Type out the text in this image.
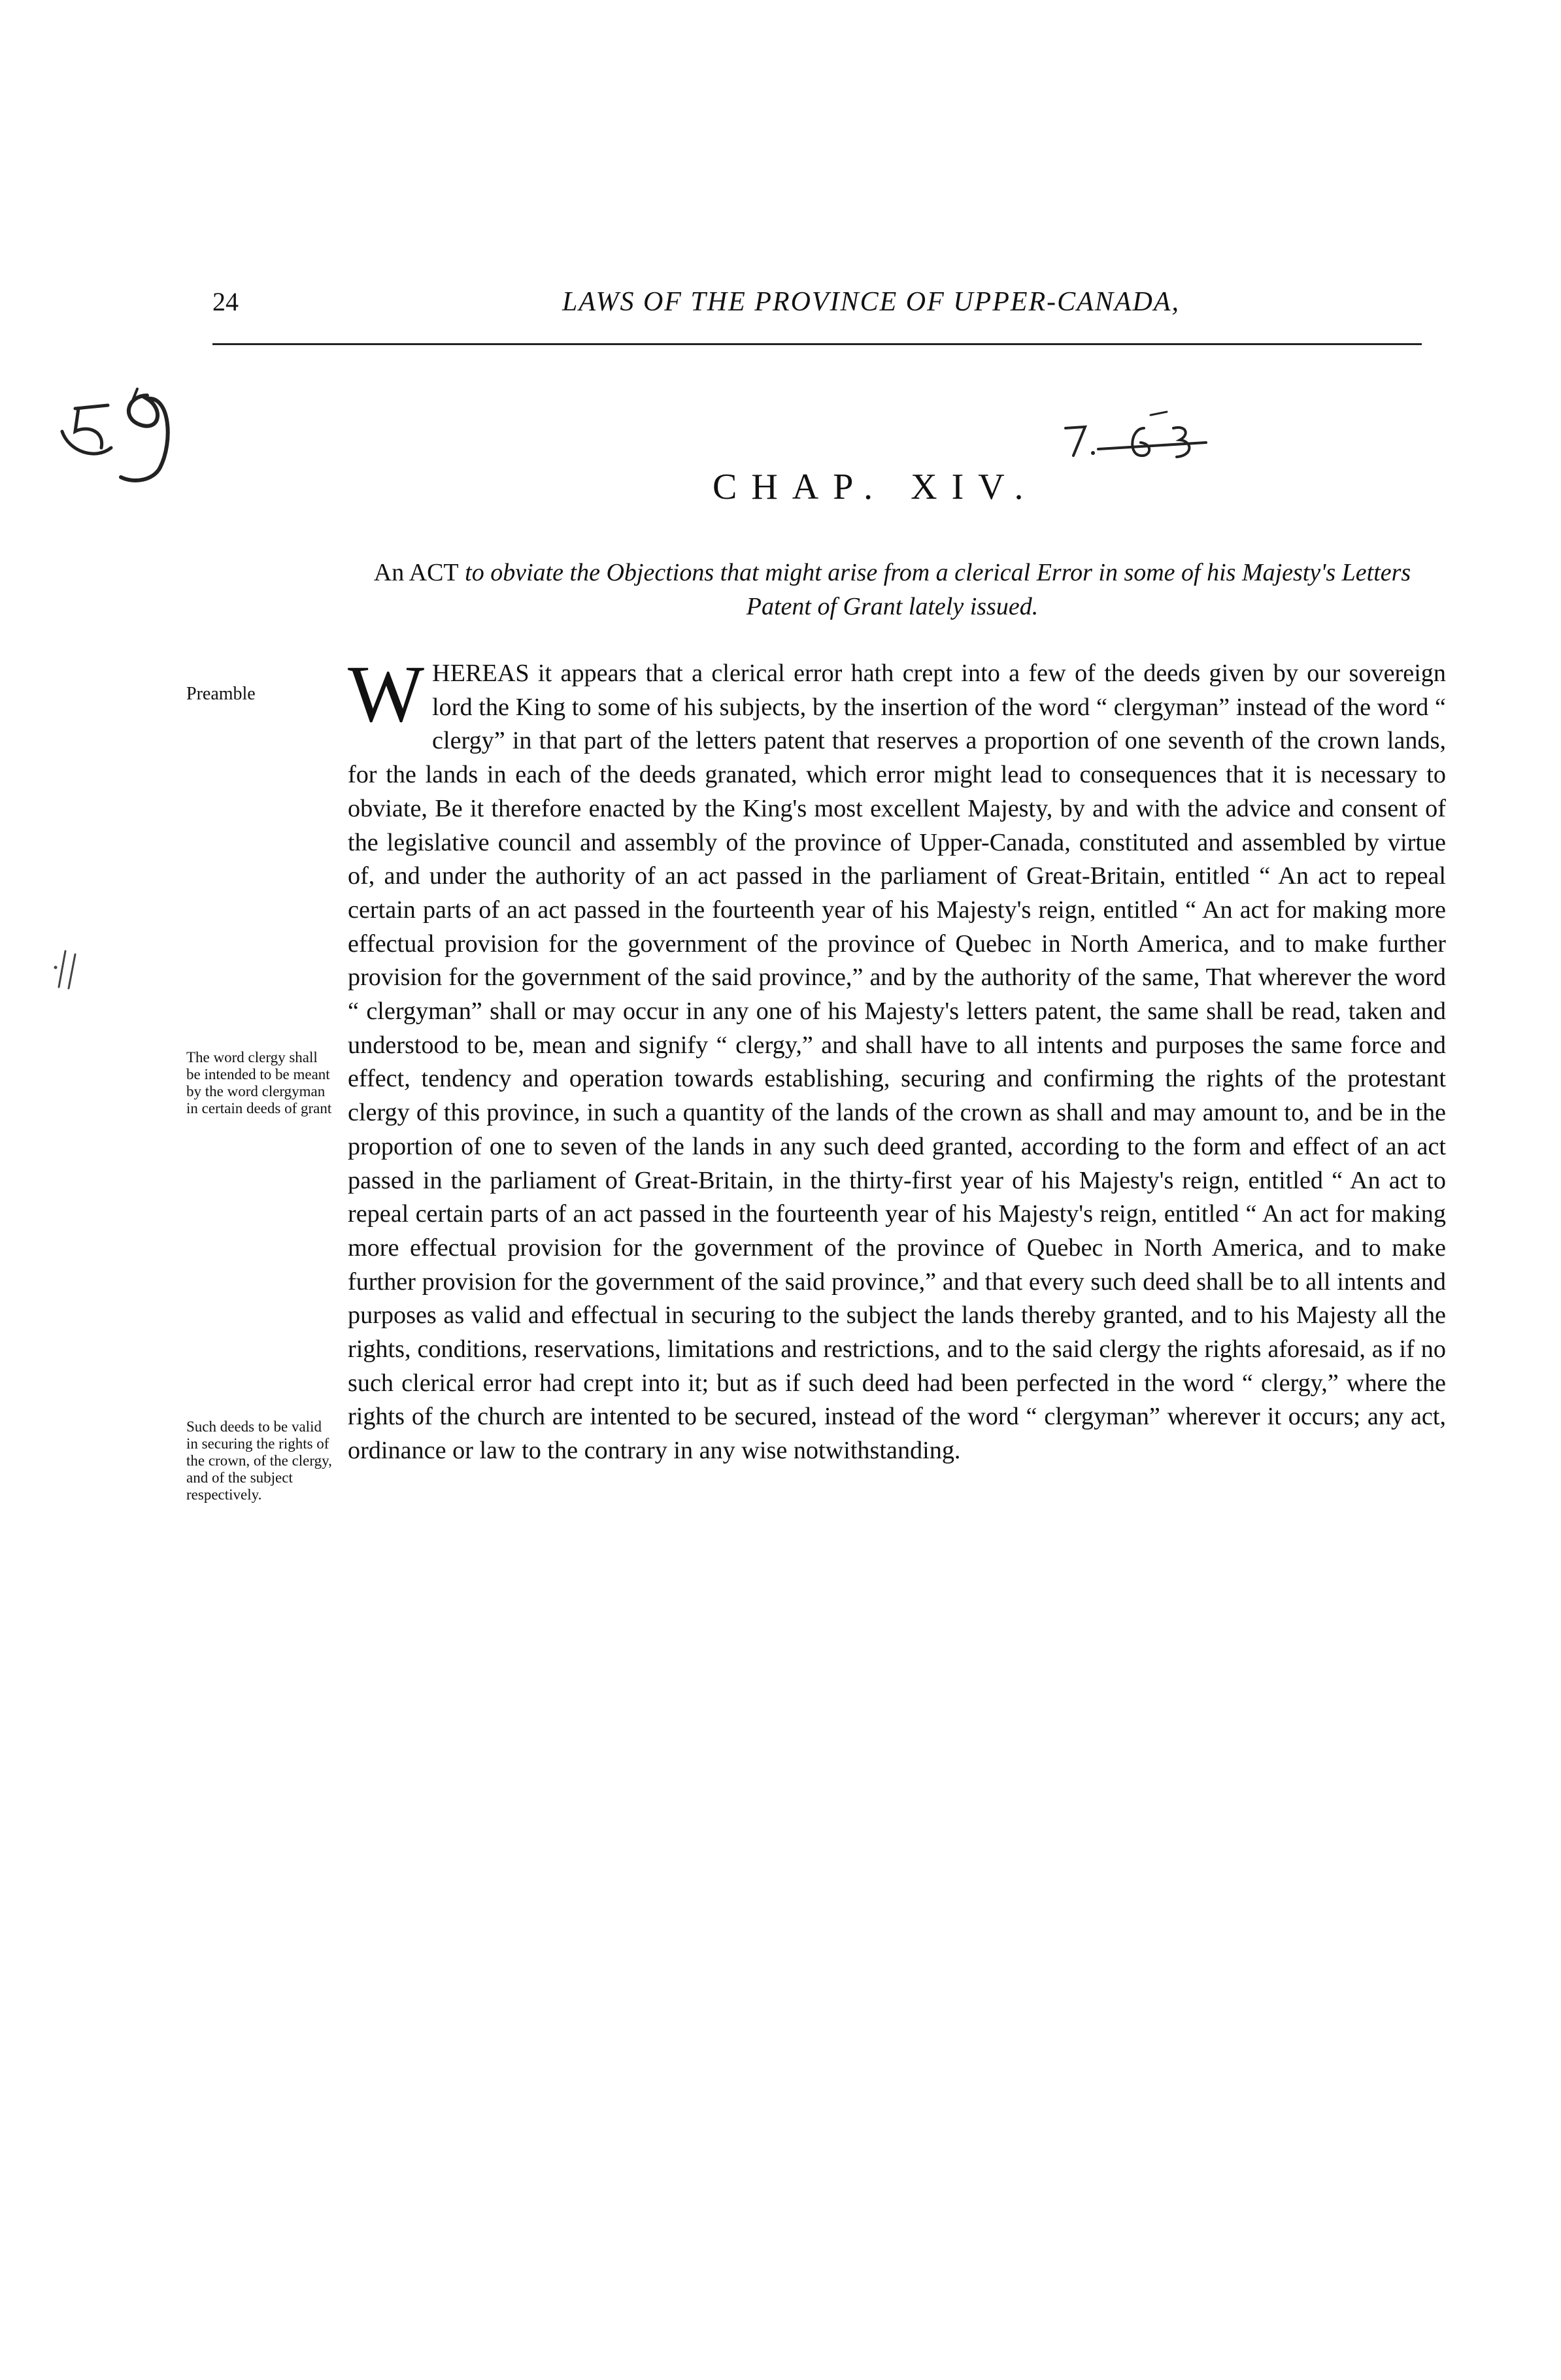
24	LAWS OF THE PROVINCE OF UPPER-CANADA,
CHAP. XIV.
An ACT to obviate the Objections that might arise from a clerical Error in some of his Majesty's Letters Patent of Grant lately issued.
Preamble
The word clergy shall be intended to be meant by the word clergyman in certain deeds of grant
Such deeds to be valid in securing the rights of the crown, of the clergy, and of the subject respectively.
WHEREAS it appears that a clerical error hath crept into a few of the deeds given by our sovereign lord the King to some of his subjects, by the insertion of the word “ clergyman” instead of the word “ clergy” in that part of the letters patent that reserves a proportion of one seventh of the crown lands, for the lands in each of the deeds granated, which error might lead to consequences that it is necessary to obviate, Be it therefore enacted by the King's most excellent Majesty, by and with the advice and consent of the legislative council and assembly of the province of Upper-Canada, constituted and assembled by virtue of, and under the authority of an act passed in the parliament of Great-Britain, entitled “ An act to repeal certain parts of an act passed in the fourteenth year of his Majesty's reign, entitled “ An act for making more effectual provision for the government of the province of Quebec in North America, and to make further provision for the government of the said province,” and by the authority of the same, That wherever the word “ clergyman” shall or may occur in any one of his Majesty's letters patent, the same shall be read, taken and understood to be, mean and signify “ clergy,” and shall have to all intents and purposes the same force and effect, tendency and operation towards establishing, securing and confirming the rights of the protestant clergy of this province, in such a quantity of the lands of the crown as shall and may amount to, and be in the proportion of one to seven of the lands in any such deed granted, according to the form and effect of an act passed in the parliament of Great-Britain, in the thirty-first year of his Majesty's reign, entitled “ An act to repeal certain parts of an act passed in the fourteenth year of his Majesty's reign, entitled “ An act for making more effectual provision for the government of the province of Quebec in North America, and to make further provision for the government of the said province,” and that every such deed shall be to all intents and purposes as valid and effectual in securing to the subject the lands thereby granted, and to his Majesty all the rights, conditions, reservations, limitations and restrictions, and to the said clergy the rights aforesaid, as if no such clerical error had crept into it; but as if such deed had been perfected in the word “ clergy,” where the rights of the church are intented to be secured, instead of the word “ clergyman” wherever it occurs; any act, ordinance or law to the contrary in any wise notwithstanding.
